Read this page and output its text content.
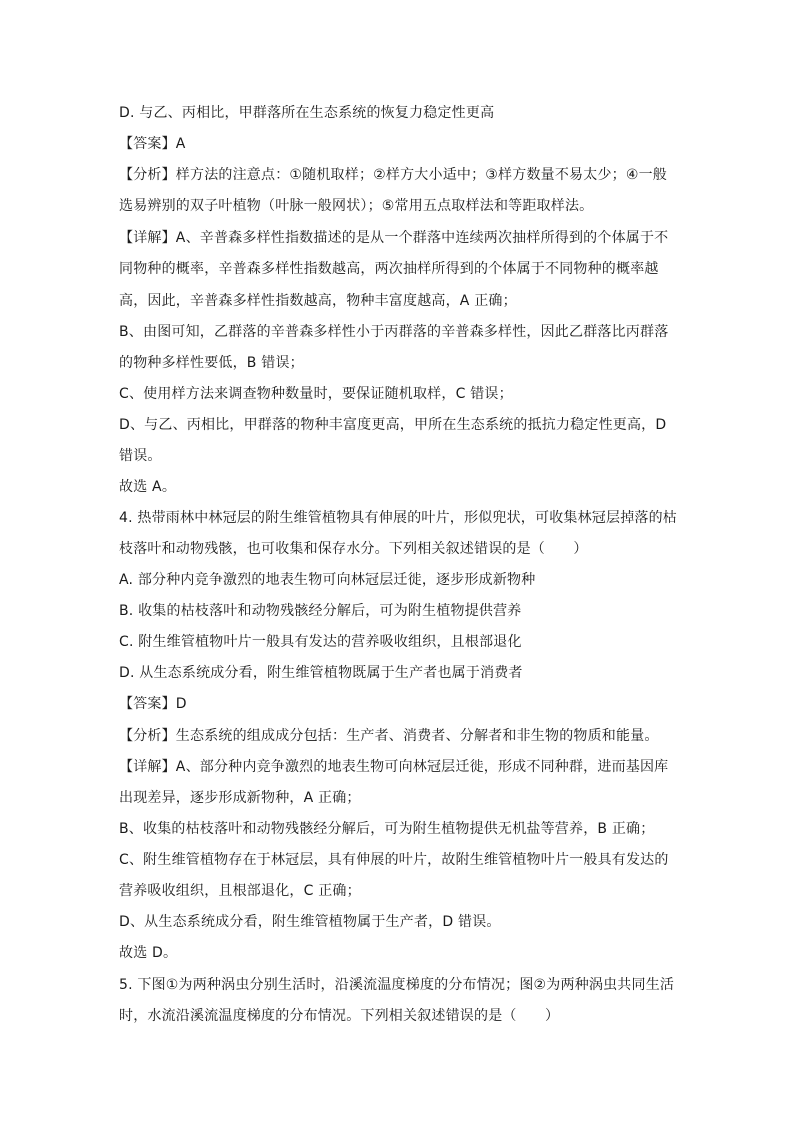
D. 与乙、丙相比，甲群落所在生态系统的恢复力稳定性更高
【答案】A
【分析】样方法的注意点：①随机取样；②样方大小适中；③样方数量不易太少；④一般
选易辨别的双子叶植物（叶脉一般网状）；⑤常用五点取样法和等距取样法。
【详解】A、辛普森多样性指数描述的是从一个群落中连续两次抽样所得到的个体属于不
同物种的概率，辛普森多样性指数越高，两次抽样所得到的个体属于不同物种的概率越
高，因此，辛普森多样性指数越高，物种丰富度越高，A 正确；
B、由图可知，乙群落的辛普森多样性小于丙群落的辛普森多样性，因此乙群落比丙群落
的物种多样性要低，B 错误；
C、使用样方法来调查物种数量时，要保证随机取样，C 错误；
D、与乙、丙相比，甲群落的物种丰富度更高，甲所在生态系统的抵抗力稳定性更高，D
错误。
故选 A。
4. 热带雨林中林冠层的附生维管植物具有伸展的叶片，形似兜状，可收集林冠层掉落的枯
枝落叶和动物残骸，也可收集和保存水分。下列相关叙述错误的是（　　）
A. 部分种内竞争激烈的地表生物可向林冠层迁徙，逐步形成新物种
B. 收集的枯枝落叶和动物残骸经分解后，可为附生植物提供营养
C. 附生维管植物叶片一般具有发达的营养吸收组织，且根部退化
D. 从生态系统成分看，附生维管植物既属于生产者也属于消费者
【答案】D
【分析】生态系统的组成成分包括：生产者、消费者、分解者和非生物的物质和能量。
【详解】A、部分种内竞争激烈的地表生物可向林冠层迁徙，形成不同种群，进而基因库
出现差异，逐步形成新物种，A 正确；
B、收集的枯枝落叶和动物残骸经分解后，可为附生植物提供无机盐等营养，B 正确；
C、附生维管植物存在于林冠层，具有伸展的叶片，故附生维管植物叶片一般具有发达的
营养吸收组织，且根部退化，C 正确；
D、从生态系统成分看，附生维管植物属于生产者，D 错误。
故选 D。
5. 下图①为两种涡虫分别生活时，沿溪流温度梯度的分布情况；图②为两种涡虫共同生活
时，水流沿溪流温度梯度的分布情况。下列相关叙述错误的是（　　）
